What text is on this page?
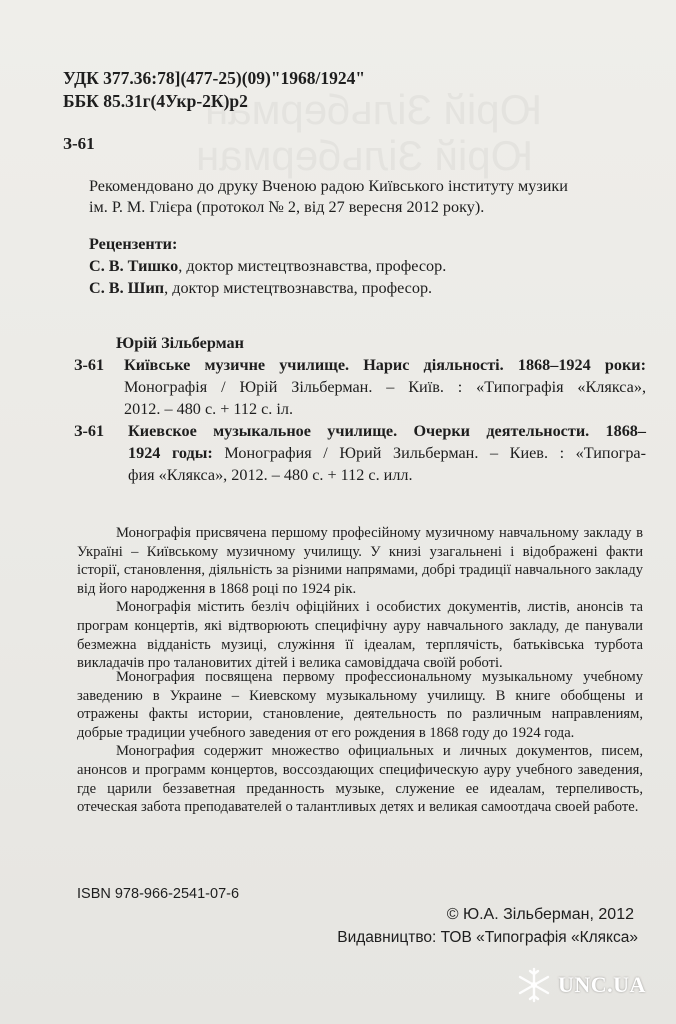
Юрій Зільберман
Юрій Зільберман
УДК 377.36:78](477-25)(09)"1968/1924"
ББК 85.31г(4Укр-2К)р2
З-61
Рекомендовано до друку Вченою радою Київського інституту музики
ім. Р. М. Глієра (протокол № 2, від 27 вересня 2012 року).
Рецензенти:
С. В. Тишко, доктор мистецтвознавства, професор.
С. В. Шип, доктор мистецтвознавства, професор.
Юрій Зільберман
З-61 Київське музичне училище. Нарис діяльності. 1868–1924 роки:
Монографія / Юрій Зільберман. – Київ. : «Типографія «Клякса»,
2012. – 480 с. + 112 с. іл.
З-61 Киевское музыкальное училище. Очерки деятельности. 1868–
1924 годы: Монография / Юрий Зильберман. – Киев. : «Типогра-
фия «Клякса», 2012. – 480 с. + 112 с. илл.

Монографія присвячена першому професійному музичному навчальному закладу в Україні – Київському музичному училищу. У книзі узагальнені і відображені факти історії, становлення, діяльність за різними напрямами, добрі традиції навчального закладу від його народження в 1868 році по 1924 рік.

Монографія містить безліч офіційних і особистих документів, листів, анонсів та програм концертів, які відтворюють специфічну ауру навчального закладу, де панували безмежна відданість музиці, служіння її ідеалам, терплячість, батьківська турбота викладачів про талановитих дітей і велика самовіддача своїй роботі.

Монография посвящена первому профессиональному музыкальному учебному заведению в Украине – Киевскому музыкальному училищу. В книге обобщены и отражены факты истории, становление, деятельность по различным направлениям, добрые традиции учебного заведения от его рождения в 1868 году до 1924 года.

Монография содержит множество официальных и личных документов, писем, анонсов и программ концертов, воссоздающих специфическую ауру учебного заведения, где царили беззаветная преданность музыке, служение ее идеалам, терпеливость, отеческая забота преподавателей о талантливых детях и великая самоотдача своей работе.

ISBN 978-966-2541-07-6
© Ю.А. Зільберман, 2012
Видавництво: ТОВ «Типографія «Клякса»
UNC.UA
